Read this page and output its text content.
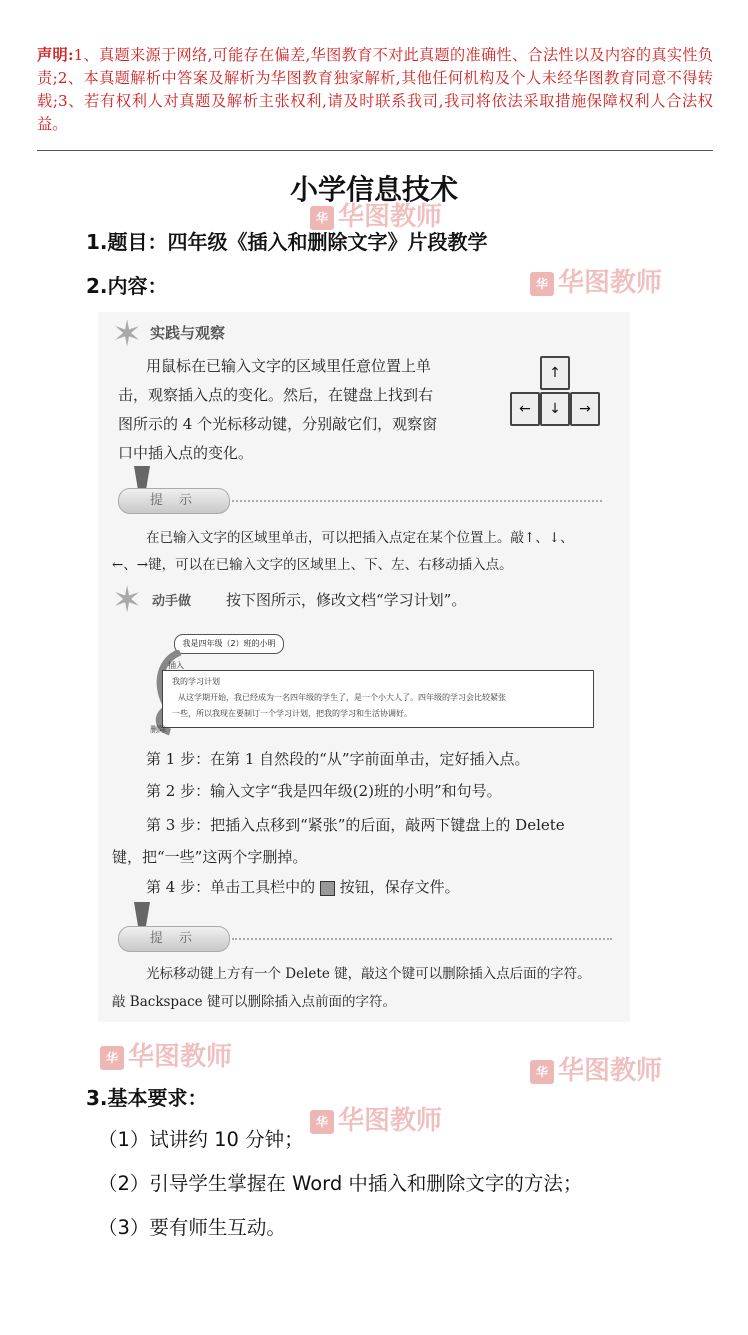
声明:1、真题来源于网络,可能存在偏差,华图教育不对此真题的准确性、合法性以及内容的真实性负责;2、本真题解析中答案及解析为华图教育独家解析,其他任何机构及个人未经华图教育同意不得转载;3、若有权利人对真题及解析主张权利,请及时联系我司,我司将依法采取措施保障权利人合法权益。
华 华图教师
华 华图教师
华 华图教师	华 华图教师
华 华图教师
小学信息技术
1.题目：四年级《插入和删除文字》片段教学
2.内容：
✶ 实践与观察
用鼠标在已输入文字的区域里任意位置上单
击，观察插入点的变化。然后，在键盘上找到右
图所示的 4 个光标移动键，分别敲它们，观察窗
口中插入点的变化。
↑
←	↓	→
提 示
在已输入文字的区域里单击，可以把插入点定在某个位置上。敲↑、↓、
←、→键，可以在已输入文字的区域里上、下、左、右移动插入点。
✶ 动手做 按下图所示，修改文档“学习计划”。
我是四年级（2）班的小明
插入
我的学习计划
从这学期开始，我已经成为一名四年级的学生了，是一个小大人了。四年级的学习会比较紧张
一些，所以我现在要制订一个学习计划，把我的学习和生活协调好。
删除
第 1 步：在第 1 自然段的“从”字前面单击，定好插入点。
第 2 步：输入文字“我是四年级(2)班的小明”和句号。
第 3 步：把插入点移到“紧张”的后面，敲两下键盘上的 Delete
键，把“一些”这两个字删掉。
第 4 步：单击工具栏中的 按钮，保存文件。
提 示
光标移动键上方有一个 Delete 键，敲这个键可以删除插入点后面的字符。
敲 Backspace 键可以删除插入点前面的字符。
3.基本要求：
（1）试讲约 10 分钟；
（2）引导学生掌握在 Word 中插入和删除文字的方法；
（3）要有师生互动。
